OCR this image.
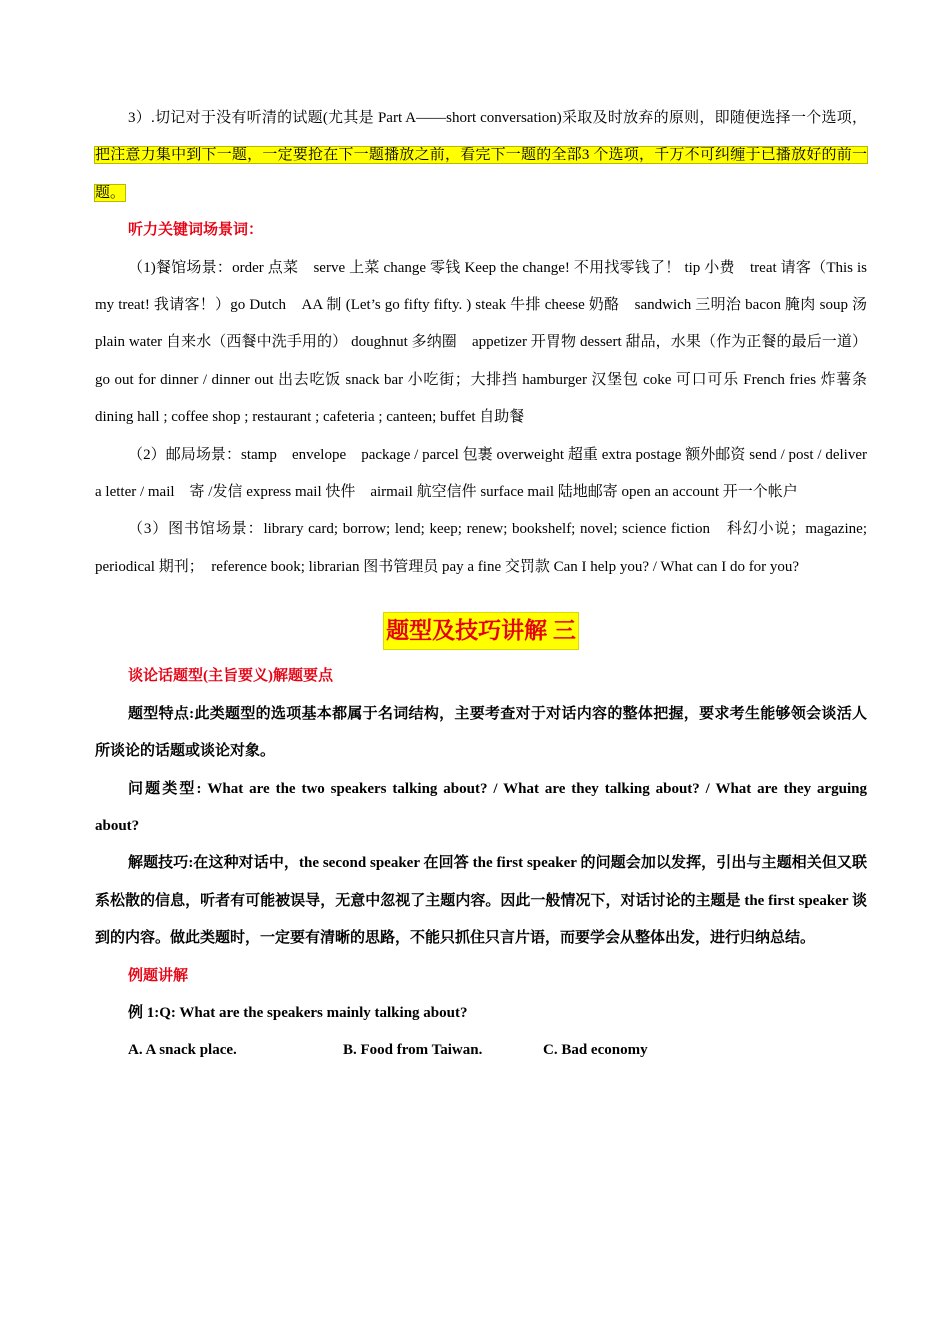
3）.切记对于没有听清的试题(尤其是 Part A——short conversation)采取及时放弃的原则，即随便选择一个选项，把注意力集中到下一题，一定要抢在下一题播放之前，看完下一题的全部3 个选项，千万不可纠缠于已播放好的前一题。

听力关键词场景词：

（1)餐馆场景：order 点菜　serve 上菜 change 零钱 Keep the change! 不用找零钱了！ tip 小费　treat 请客（This is my treat! 我请客！）go Dutch　AA 制 (Let’s go fifty fifty. ) steak 牛排 cheese 奶酪　sandwich 三明治 bacon 腌肉 soup 汤 plain water 自来水（西餐中洗手用的） doughnut 多纳圈　appetizer 开胃物 dessert 甜品，水果（作为正餐的最后一道） go out for dinner / dinner out 出去吃饭 snack bar 小吃街；大排挡 hamburger 汉堡包 coke 可口可乐 French fries 炸薯条 dining hall ; coffee shop ; restaurant ; cafeteria ; canteen; buffet 自助餐

（2）邮局场景：stamp　envelope　package / parcel 包裹 overweight 超重 extra postage 额外邮资 send / post / deliver a letter / mail　寄 /发信 express mail 快件　airmail 航空信件 surface mail 陆地邮寄 open an account 开一个帐户

（3）图书馆场景：library card; borrow; lend; keep; renew; bookshelf; novel; science fiction　科幻小说；magazine; periodical 期刊；　reference book; librarian 图书管理员 pay a fine 交罚款 Can I help you? / What can I do for you?

题型及技巧讲解 三

谈论话题型(主旨要义)解题要点

题型特点:此类题型的选项基本都属于名词结构，主要考查对于对话内容的整体把握，要求考生能够领会谈活人所谈论的话题或谈论对象。

问题类型: What are the two speakers talking about? / What are they talking about? / What are they arguing about?

解题技巧:在这种对话中，the second speaker 在回答 the first speaker 的问题会加以发挥，引出与主题相关但又联系松散的信息，听者有可能被误导，无意中忽视了主题内容。因此一般情况下，对话讨论的主题是 the first speaker 谈到的内容。做此类题时，一定要有清晰的思路，不能只抓住只言片语，而要学会从整体出发，进行归纳总结。

例题讲解

例 1:Q: What are the speakers mainly talking about?

A. A snack place.	B. Food from Taiwan.	C. Bad economy
